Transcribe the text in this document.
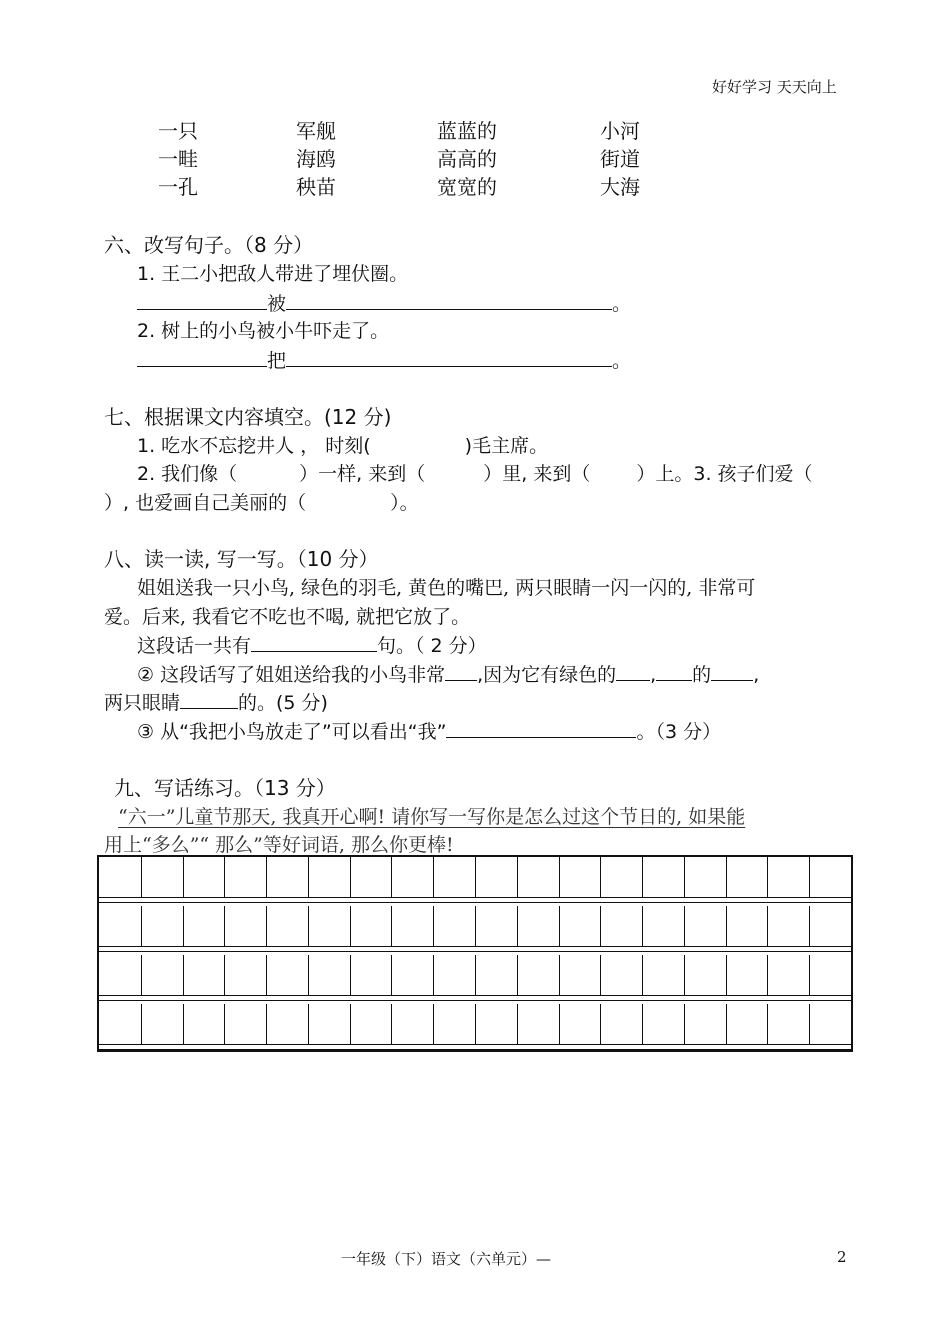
好好学习 天天向上
一只	军舰	蓝蓝的	小河
一畦	海鸥	高高的	街道
一孔	秧苗	宽宽的	大海
六、改写句子。（8 分）
1. 王二小把敌人带进了埋伏圈。
被	。
2. 树上的小鸟被小牛吓走了。
把	。
七、根据课文内容填空。(12 分)
1. 吃水不忘挖井人 ， 时刻(	)毛主席。
2. 我们像（	）一样, 来到（	）里, 来到（ ）上。3. 孩子们爱（
）, 也爱画自己美丽的（	）。
八、读一读, 写一写。（10 分）
姐姐送我一只小鸟, 绿色的羽毛, 黄色的嘴巴, 两只眼睛一闪一闪的, 非常可
爱。后来, 我看它不吃也不喝, 就把它放了。
这段话一共有	句。（ 2 分）
② 这段话写了姐姐送给我的小鸟非常 ,因为它有绿色的 , 的 ,
两只眼睛	的。(5 分)
③ 从“我把小鸟放走了”可以看出“我”	。（3 分）
九、写话练习。（13 分）
“六一”儿童节那天, 我真开心啊! 请你写一写你是怎么过这个节日的, 如果能
用上“多么”“ 那么”等好词语, 那么你更棒!
一年级（下）语文（六单元）—	2
